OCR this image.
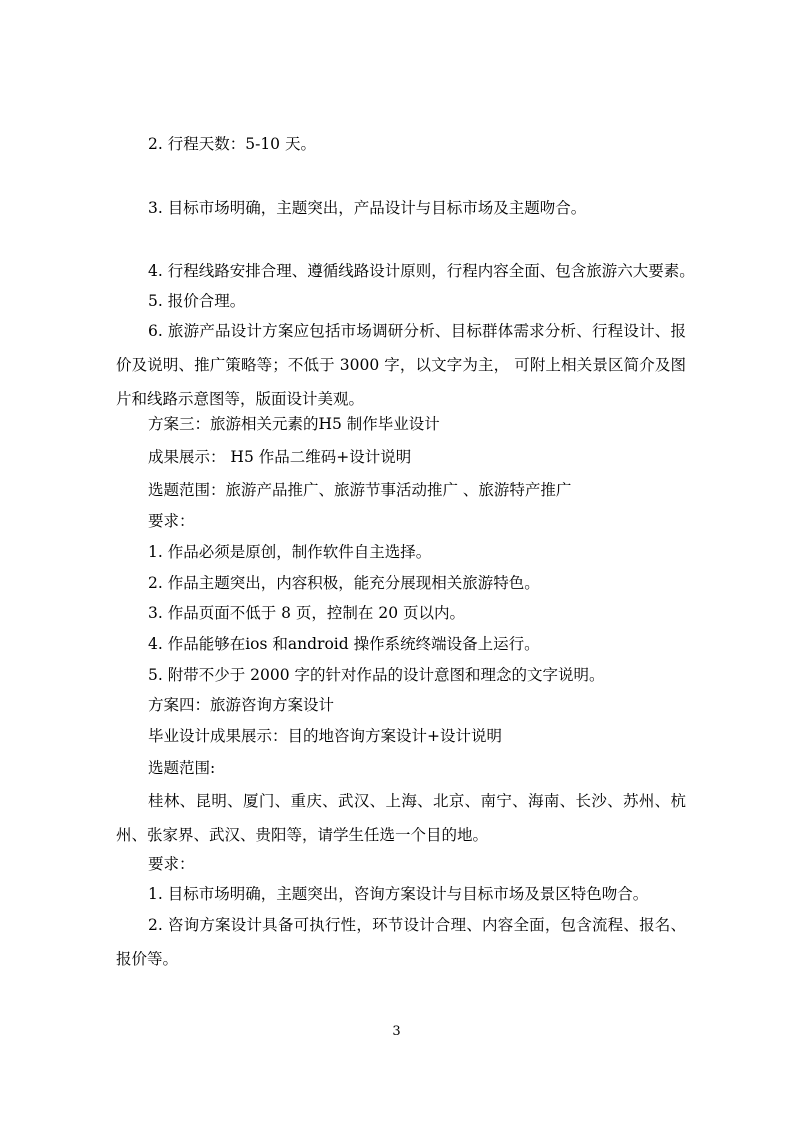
2. 行程天数：5-10 天。
3. 目标市场明确，主题突出，产品设计与目标市场及主题吻合。
4. 行程线路安排合理、遵循线路设计原则，行程内容全面、包含旅游六大要素。
5. 报价合理。
6. 旅游产品设计方案应包括市场调研分析、目标群体需求分析、行程设计、报价及说明、推广策略等；不低于 3000 字，以文字为主， 可附上相关景区简介及图片和线路示意图等，版面设计美观。
方案三：旅游相关元素的H5 制作毕业设计
成果展示： H5 作品二维码+设计说明
选题范围：旅游产品推广、旅游节事活动推广 、旅游特产推广
要求：
1. 作品必须是原创，制作软件自主选择。
2. 作品主题突出，内容积极，能充分展现相关旅游特色。
3. 作品页面不低于 8 页，控制在 20 页以内。
4. 作品能够在ios 和android 操作系统终端设备上运行。
5. 附带不少于 2000 字的针对作品的设计意图和理念的文字说明。
方案四：旅游咨询方案设计
毕业设计成果展示：目的地咨询方案设计+设计说明
选题范围:
桂林、昆明、厦门、重庆、武汉、上海、北京、南宁、海南、长沙、苏州、杭州、张家界、武汉、贵阳等，请学生任选一个目的地。
要求：
1. 目标市场明确，主题突出，咨询方案设计与目标市场及景区特色吻合。
2. 咨询方案设计具备可执行性，环节设计合理、内容全面，包含流程、报名、报价等。
3
